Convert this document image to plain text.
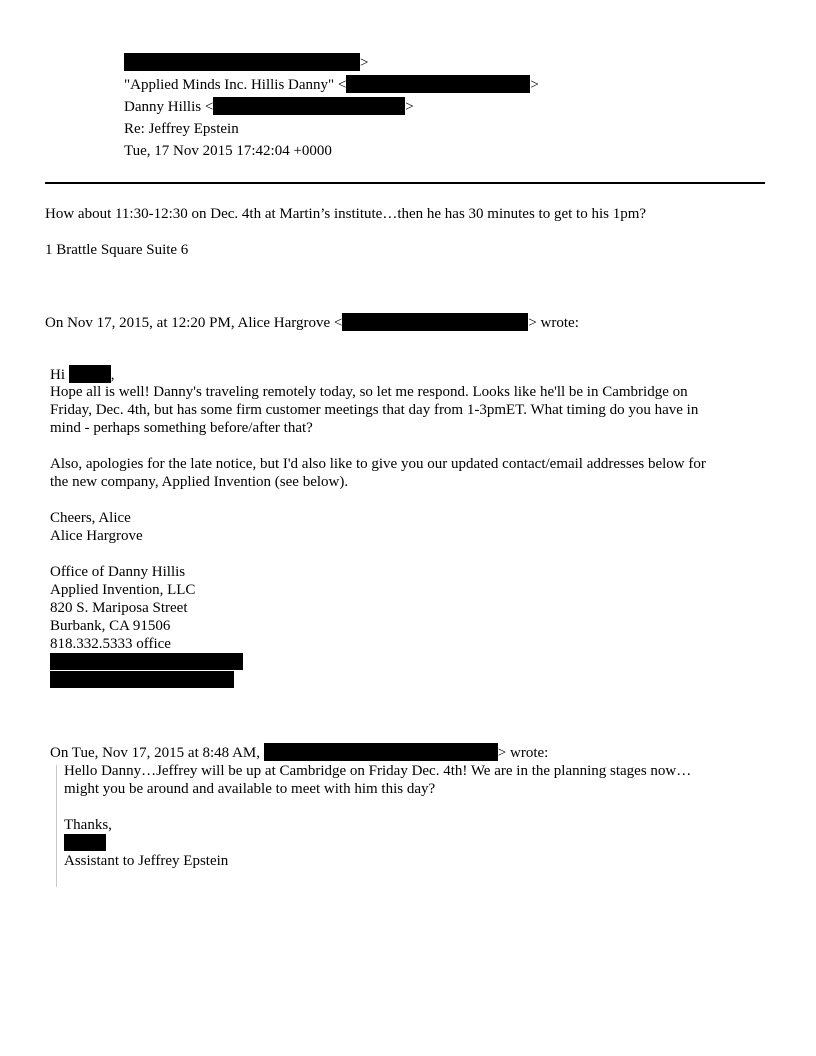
>
"Applied Minds Inc. Hillis Danny" <	>
Danny Hillis <	>
Re: Jeffrey Epstein
Tue, 17 Nov 2015 17:42:04 +0000
How about 11:30-12:30 on Dec. 4th at Martin’s institute…then he has 30 minutes to get to his 1pm?
1 Brattle Square Suite 6
On Nov 17, 2015, at 12:20 PM, Alice Hargrove <	> wrote:
Hi	,
Hope all is well! Danny's traveling remotely today, so let me respond. Looks like he'll be in Cambridge on
Friday, Dec. 4th, but has some firm customer meetings that day from 1-3pmET. What timing do you have in
mind - perhaps something before/after that?
Also, apologies for the late notice, but I'd also like to give you our updated contact/email addresses below for
the new company, Applied Invention (see below).
Cheers, Alice
Alice Hargrove
Office of Danny Hillis
Applied Invention, LLC
820 S. Mariposa Street
Burbank, CA 91506
818.332.5333 office
On Tue, Nov 17, 2015 at 8:48 AM,	> wrote:
Hello Danny…Jeffrey will be up at Cambridge on Friday Dec. 4th! We are in the planning stages now…
might you be around and available to meet with him this day?
Thanks,
Assistant to Jeffrey Epstein
